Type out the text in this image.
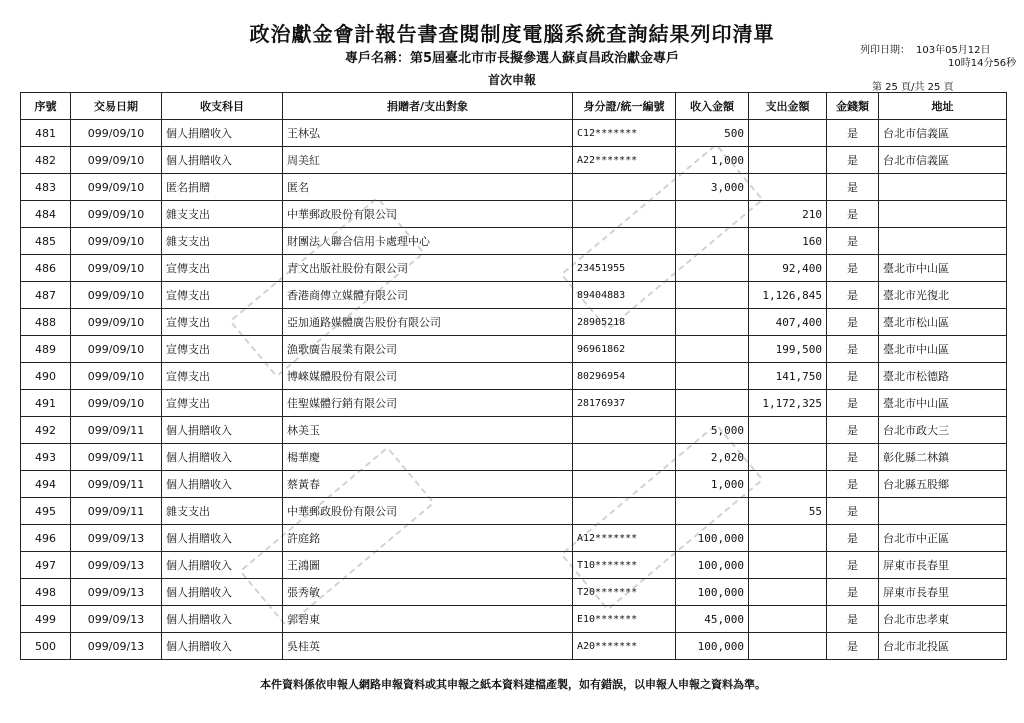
政治獻金會計報告書查閱制度電腦系統查詢結果列印清單
專戶名稱：第5屆臺北市市長擬參選人蘇貞昌政治獻金專戶
首次申報
列印日期： 103年05月12日
10時14分56秒
第 25 頁/共 25 頁
序號	交易日期	收支科目	捐贈者/支出對象	身分證/統一編號	收入金額	支出金額	金錢類	地址
481	099/09/10	個人捐贈收入	王林弘	C12*******	500		是	台北市信義區
482	099/09/10	個人捐贈收入	周美紅	A22*******	1,000		是	台北市信義區
483	099/09/10	匿名捐贈	匿名		3,000		是	
484	099/09/10	雜支支出	中華郵政股份有限公司			210	是	
485	099/09/10	雜支支出	財團法人聯合信用卡處理中心			160	是	
486	099/09/10	宣傳支出	青文出版社股份有限公司	23451955		92,400	是	臺北市中山區
487	099/09/10	宣傳支出	香港商傳立媒體有限公司	89404883		1,126,845	是	臺北市光復北
488	099/09/10	宣傳支出	亞加通路媒體廣告股份有限公司	28905218		407,400	是	臺北市松山區
489	099/09/10	宣傳支出	漁歌廣告展業有限公司	96961862		199,500	是	臺北市中山區
490	099/09/10	宣傳支出	博崍媒體股份有限公司	80296954		141,750	是	臺北市松德路
491	099/09/10	宣傳支出	佳聖媒體行銷有限公司	28176937		1,172,325	是	臺北市中山區
492	099/09/11	個人捐贈收入	林美玉		5,000		是	台北市政大三
493	099/09/11	個人捐贈收入	楊華慶		2,020		是	彰化縣二林鎮
494	099/09/11	個人捐贈收入	蔡黃春		1,000		是	台北縣五股鄉
495	099/09/11	雜支支出	中華郵政股份有限公司			55	是	
496	099/09/13	個人捐贈收入	許庭銘	A12*******	100,000		是	台北市中正區
497	099/09/13	個人捐贈收入	王鴻圖	T10*******	100,000		是	屏東市長春里
498	099/09/13	個人捐贈收入	張秀敏	T20*******	100,000		是	屏東市長春里
499	099/09/13	個人捐贈收入	郭碧東	E10*******	45,000		是	台北市忠孝東
500	099/09/13	個人捐贈收入	吳桂英	A20*******	100,000		是	台北市北投區
本件資料係依申報人網路申報資料或其申報之紙本資料建檔產製，如有錯誤，以申報人申報之資料為準。
